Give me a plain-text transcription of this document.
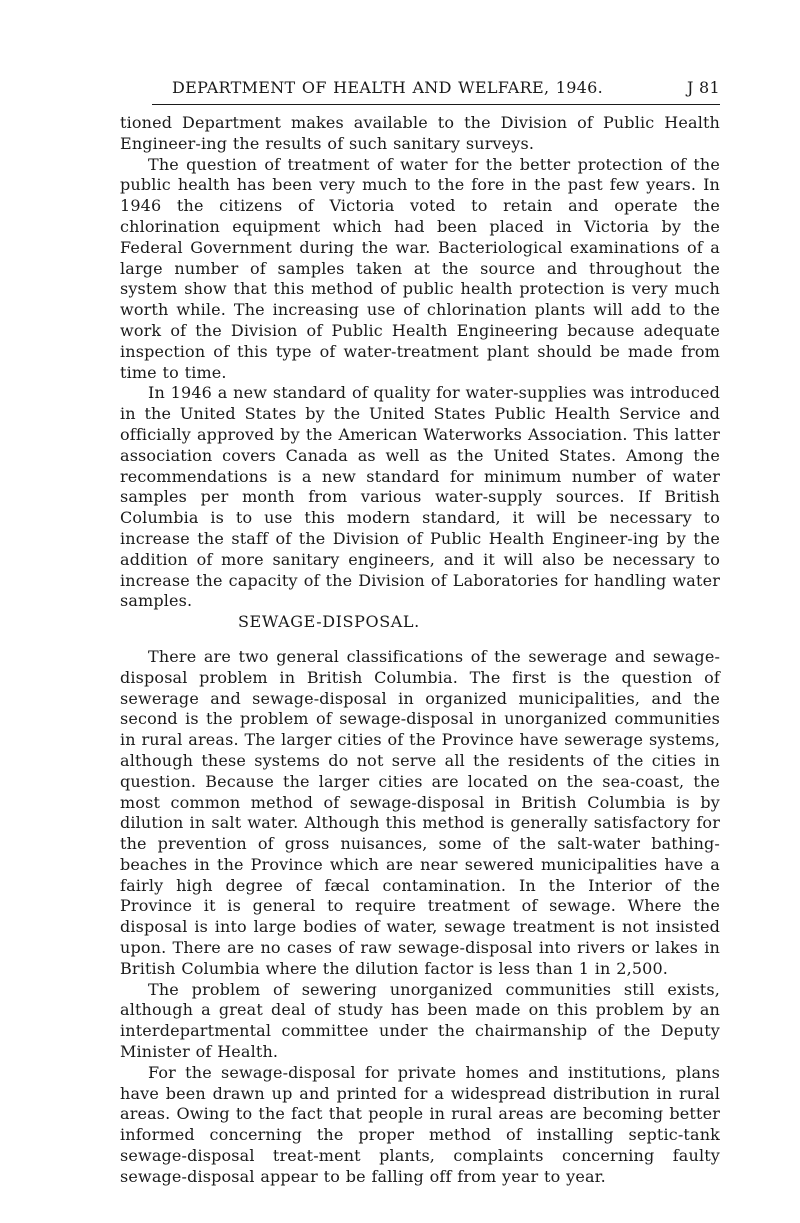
DEPARTMENT OF HEALTH AND WELFARE, 1946.	J 81

tioned Department makes available to the Division of Public Health Engineer-ing the results of such sanitary surveys.

The question of treatment of water for the better protection of the public health has been very much to the fore in the past few years. In 1946 the citizens of Victoria voted to retain and operate the chlorination equipment which had been placed in Victoria by the Federal Government during the war. Bacteriological examinations of a large number of samples taken at the source and throughout the system show that this method of public health protection is very much worth while. The increasing use of chlorination plants will add to the work of the Division of Public Health Engineering because adequate inspection of this type of water-treatment plant should be made from time to time.

In 1946 a new standard of quality for water-supplies was introduced in the United States by the United States Public Health Service and officially approved by the American Waterworks Association. This latter association covers Canada as well as the United States. Among the recommendations is a new standard for minimum number of water samples per month from various water-supply sources. If British Columbia is to use this modern standard, it will be necessary to increase the staff of the Division of Public Health Engineer-ing by the addition of more sanitary engineers, and it will also be necessary to increase the capacity of the Division of Laboratories for handling water samples.

SEWAGE-DISPOSAL.

There are two general classifications of the sewerage and sewage-disposal problem in British Columbia. The first is the question of sewerage and sewage-disposal in organized municipalities, and the second is the problem of sewage-disposal in unorganized communities in rural areas. The larger cities of the Province have sewerage systems, although these systems do not serve all the residents of the cities in question. Because the larger cities are located on the sea-coast, the most common method of sewage-disposal in British Columbia is by dilution in salt water. Although this method is generally satisfactory for the prevention of gross nuisances, some of the salt-water bathing-beaches in the Province which are near sewered municipalities have a fairly high degree of fæcal contamination. In the Interior of the Province it is general to require treatment of sewage. Where the disposal is into large bodies of water, sewage treatment is not insisted upon. There are no cases of raw sewage-disposal into rivers or lakes in British Columbia where the dilution factor is less than 1 in 2,500.

The problem of sewering unorganized communities still exists, although a great deal of study has been made on this problem by an interdepartmental committee under the chairmanship of the Deputy Minister of Health.

For the sewage-disposal for private homes and institutions, plans have been drawn up and printed for a widespread distribution in rural areas. Owing to the fact that people in rural areas are becoming better informed concerning the proper method of installing septic-tank sewage-disposal treat-ment plants, complaints concerning faulty sewage-disposal appear to be falling off from year to year.
